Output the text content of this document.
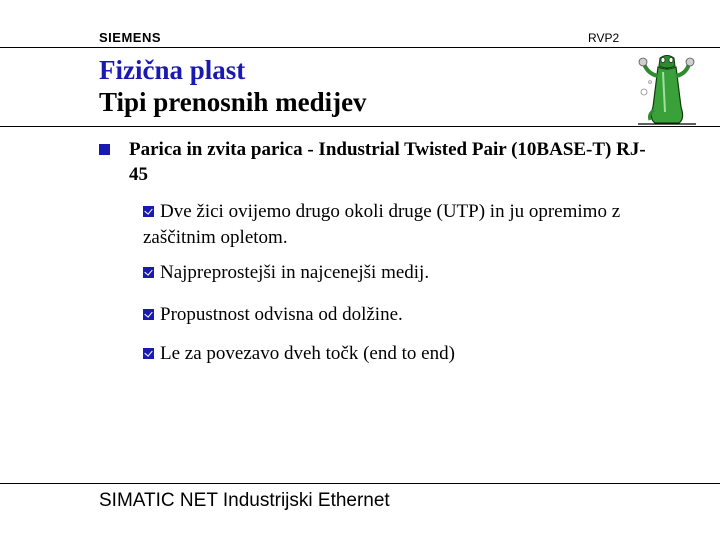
SIEMENS	RVP2
Fizična plast
Tipi prenosnih medijev
Parica in zvita parica - Industrial Twisted Pair (10BASE-T) RJ-45
Dve žici ovijemo drugo okoli druge (UTP) in ju opremimo z zaščitnim opletom.
Najpreprostejši in najcenejši medij.
Propustnost odvisna od dolžine.
Le za povezavo dveh točk (end to end)
SIMATIC NET Industrijski Ethernet
